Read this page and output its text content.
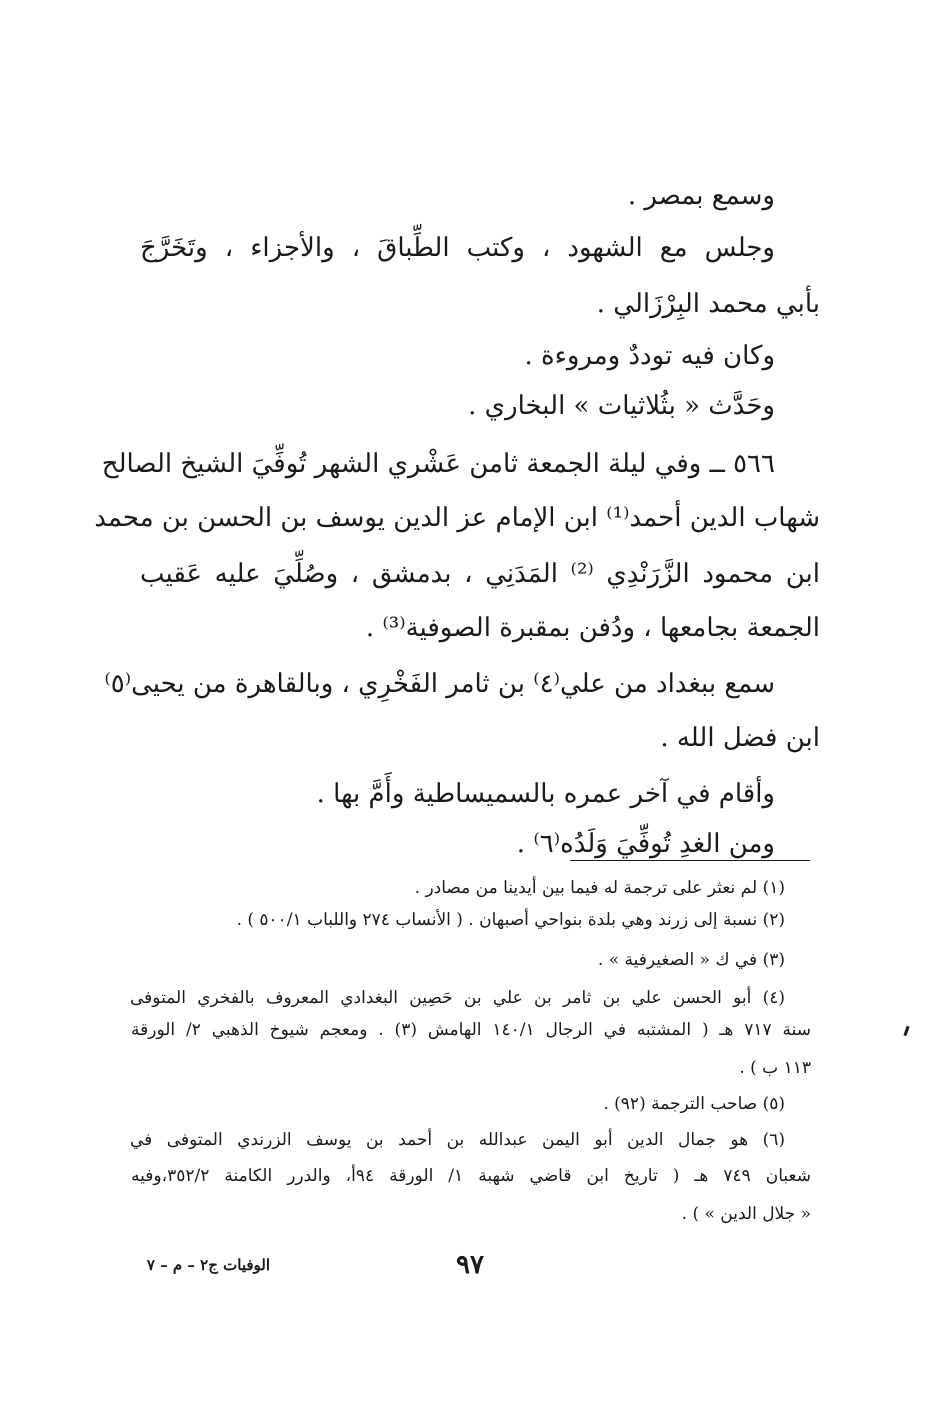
وسمع بمصر .
وجلس مع الشهود ، وكتب الطِّباقَ ، والأجزاء ، وتَخَرَّجَ
بأبي محمد البِرْزَالي .
وكان فيه توددٌ ومروءة .
وحَدَّث « بثُلاثيات » البخاري .
٥٦٦ ــ وفي ليلة الجمعة ثامن عَشْري الشهر تُوفِّيَ الشيخ الصالح
شهاب الدين أحمد⁽¹⁾ ابن الإمام عز الدين يوسف بن الحسن بن محمد
ابن محمود الزَّرَنْدِي ⁽²⁾ المَدَنِي ، بدمشق ، وصُلِّيَ عليه عَقيب
الجمعة بجامعها ، ودُفن بمقبرة الصوفية⁽³⁾ .
سمع ببغداد من علي⁽٤⁾ بن ثامر الفَخْرِي ، وبالقاهرة من يحيى⁽٥⁾
ابن فضل الله .
وأقام في آخر عمره بالسميساطية وأَمَّ بها .
ومن الغدِ تُوفِّيَ وَلَدُه⁽٦⁾ .
(١) لم نعثر على ترجمة له فيما بين أيدينا من مصادر .
(٢) نسبة إلى زرند وهي بلدة بنواحي أصبهان . ( الأنساب ٢٧٤ واللباب ٥٠٠/١ ) .
(٣) في ك « الصغيرفية » .
(٤) أبو الحسن علي بن ثامر بن علي بن حَصِين البغدادي المعروف بالفخري المتوفى
سنة ٧١٧ هـ ( المشتبه في الرجال ١٤٠/١ الهامش (٣) . ومعجم شيوخ الذهبي ٢/ الورقة
١١٣ ب ) .
(٥) صاحب الترجمة (٩٢) .
(٦) هو جمال الدين أبو اليمن عبدالله بن أحمد بن يوسف الزرندي المتوفى في
شعبان ٧٤٩ هـ ( تاريخ ابن قاضي شهبة ١/ الورقة ٩٤أ، والدرر الكامنة ٣٥٢/٢،وفيه
« جلال الدين » ) .
٩٧
الوفيات ج٢ – م – ٧
